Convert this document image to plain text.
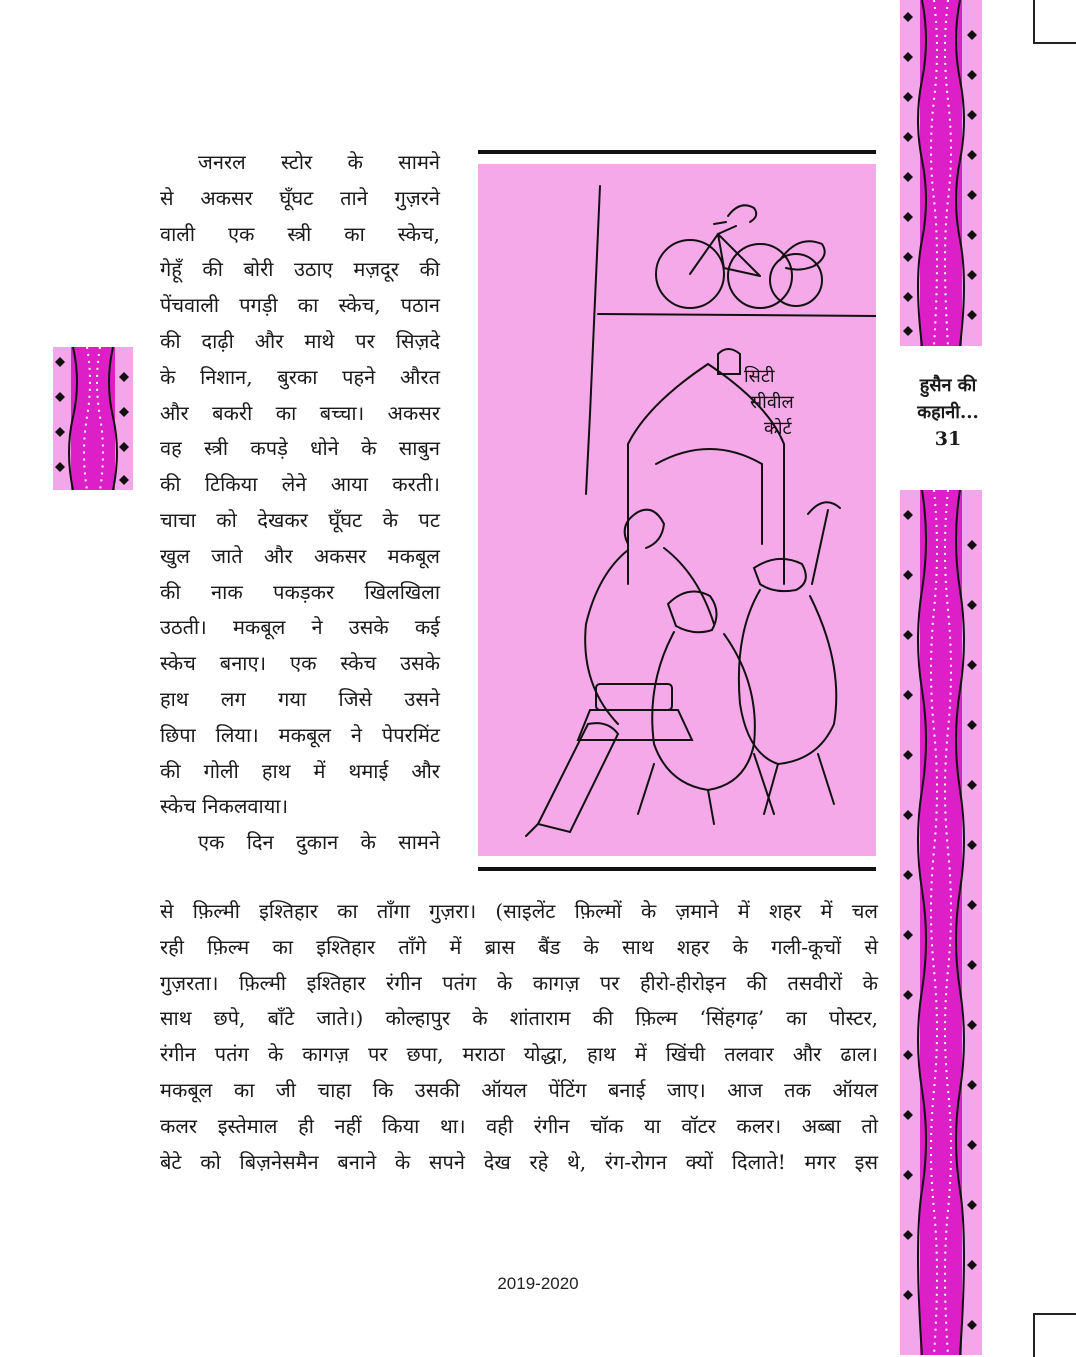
हुसैन की
कहानी...
31
जनरल स्टोर के सामने
से अकसर घूँघट ताने गुज़रने
वाली एक स्त्री का स्केच,
गेहूँ की बोरी उठाए मज़दूर की
पेंचवाली पगड़ी का स्केच, पठान
की दाढ़ी और माथे पर सिज़दे
के निशान, बुरका पहने औरत
और बकरी का बच्चा। अकसर
वह स्त्री कपड़े धोने के साबुन
की टिकिया लेने आया करती।
चाचा को देखकर घूँघट के पट
खुल जाते और अकसर मकबूल
की नाक पकड़कर खिलखिला
उठती। मकबूल ने उसके कई
स्केच बनाए। एक स्केच उसके
हाथ लग गया जिसे उसने
छिपा लिया। मकबूल ने पेपरमिंट
की गोली हाथ में थमाई और
स्केच निकलवाया।
एक दिन दुकान के सामने
सिटी
सीवील
कोर्ट
से फ़िल्मी इश्तिहार का ताँगा गुज़रा। (साइलेंट फ़िल्मों के ज़माने में शहर में चल
रही फ़िल्म का इश्तिहार ताँगे में ब्रास बैंड के साथ शहर के गली-कूचों से
गुज़रता। फ़िल्मी इश्तिहार रंगीन पतंग के कागज़ पर हीरो-हीरोइन की तसवीरों के
साथ छपे, बाँटे जाते।) कोल्हापुर के शांताराम की फ़िल्म ‘सिंहगढ़’ का पोस्टर,
रंगीन पतंग के कागज़ पर छपा, मराठा योद्धा, हाथ में खिंची तलवार और ढाल।
मकबूल का जी चाहा कि उसकी ऑयल पेंटिंग बनाई जाए। आज तक ऑयल
कलर इस्तेमाल ही नहीं किया था। वही रंगीन चॉक या वॉटर कलर। अब्बा तो
बेटे को बिज़नेसमैन बनाने के सपने देख रहे थे, रंग-रोगन क्यों दिलाते! मगर इस
2019-2020
